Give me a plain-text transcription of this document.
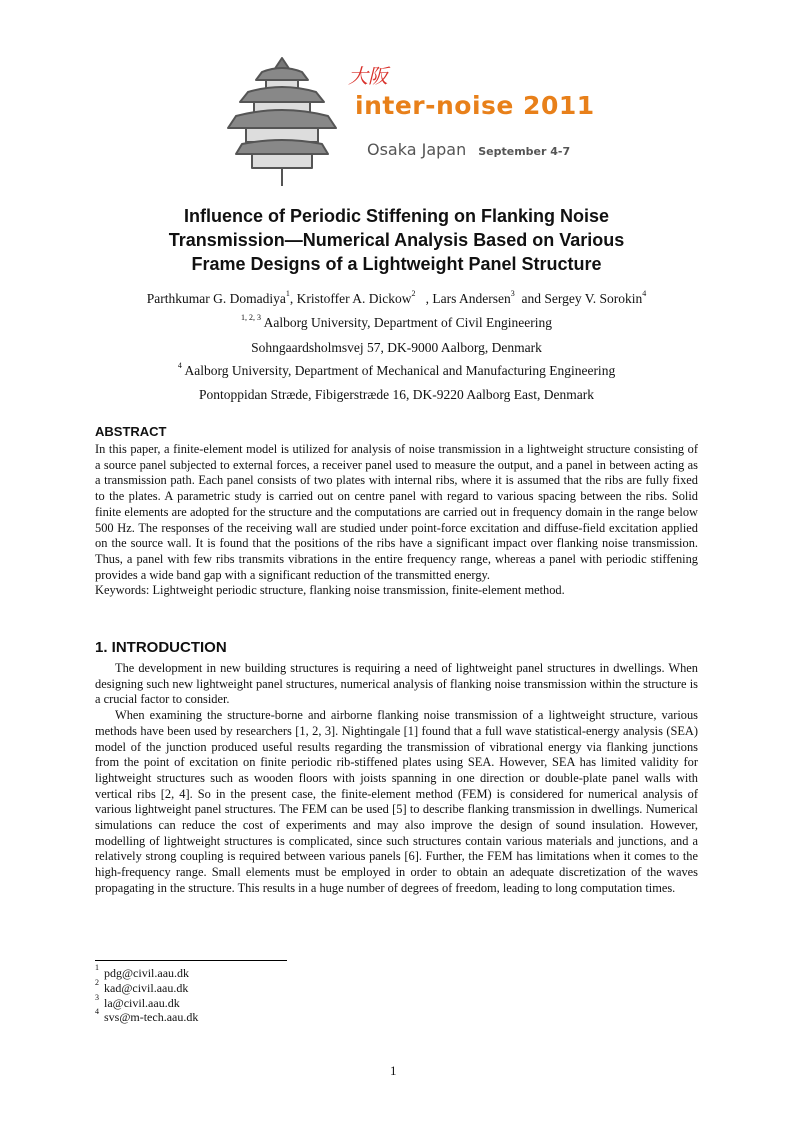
大阪
inter-noise 2011
Osaka Japan September 4-7
Influence of Periodic Stiffening on Flanking Noise
Transmission—Numerical Analysis Based on Various
Frame Designs of a Lightweight Panel Structure
Parthkumar G. Domadiya$^1$, Kristoffer A. Dickow$^2$   , Lars Andersen$^3$  and Sergey V. Sorokin$^4$
$^{1, 2, 3}$ Aalborg University, Department of Civil Engineering
Sohngaardsholmsvej 57, DK-9000 Aalborg, Denmark
$^4$ Aalborg University, Department of Mechanical and Manufacturing Engineering
Pontoppidan Stræde, Fibigerstræde 16, DK-9220 Aalborg East, Denmark
ABSTRACT

In this paper, a finite-element model is utilized for analysis of noise transmission in a lightweight structure consisting of a source panel subjected to external forces, a receiver panel used to measure the output, and a panel in between acting as a transmission path. Each panel consists of two plates with internal ribs, where it is assumed that the ribs are fully fixed to the plates. A parametric study is carried out on centre panel with regard to various spacing between the ribs. Solid finite elements are adopted for the structure and the computations are carried out in frequency domain in the range below 500 Hz. The responses of the receiving wall are studied under point-force excitation and diffuse-field excitation applied on the source wall. It is found that the positions of the ribs have a significant impact over flanking noise transmission. Thus, a panel with few ribs transmits vibrations in the entire frequency range, whereas a panel with periodic stiffening provides a wide band gap with a significant reduction of the transmitted energy.

Keywords: Lightweight periodic structure, flanking noise transmission, finite-element method.

1. INTRODUCTION

The development in new building structures is requiring a need of lightweight panel structures in dwellings. When designing such new lightweight panel structures, numerical analysis of flanking noise transmission within the structure is a crucial factor to consider.

When examining the structure-borne and airborne flanking noise transmission of a lightweight structure, various methods have been used by researchers [1, 2, 3]. Nightingale [1] found that a full wave statistical-energy analysis (SEA) model of the junction produced useful results regarding the transmission of vibrational energy via flanking junctions from the point of excitation on finite periodic rib-stiffened plates using SEA. However, SEA has limited validity for lightweight structures such as wooden floors with joists spanning in one direction or double-plate panel walls with vertical ribs [2, 4]. So in the present case, the finite-element method (FEM) is considered for numerical analysis of various lightweight panel structures. The FEM can be used [5] to describe flanking transmission in dwellings. Numerical simulations can reduce the cost of experiments and may also improve the design of sound insulation. However, modelling of lightweight structures is complicated, since such structures contain various materials and junctions, and a relatively strong coupling is required between various panels [6]. Further, the FEM has limitations when it comes to the high-frequency range. Small elements must be employed in order to obtain an adequate discretization of the waves propagating in the structure. This results in a huge number of degrees of freedom, leading to long computation times.

$^1$ pdg@civil.aau.dk
$^2$ kad@civil.aau.dk
$^3$ la@civil.aau.dk
$^4$ svs@m-tech.aau.dk
1
